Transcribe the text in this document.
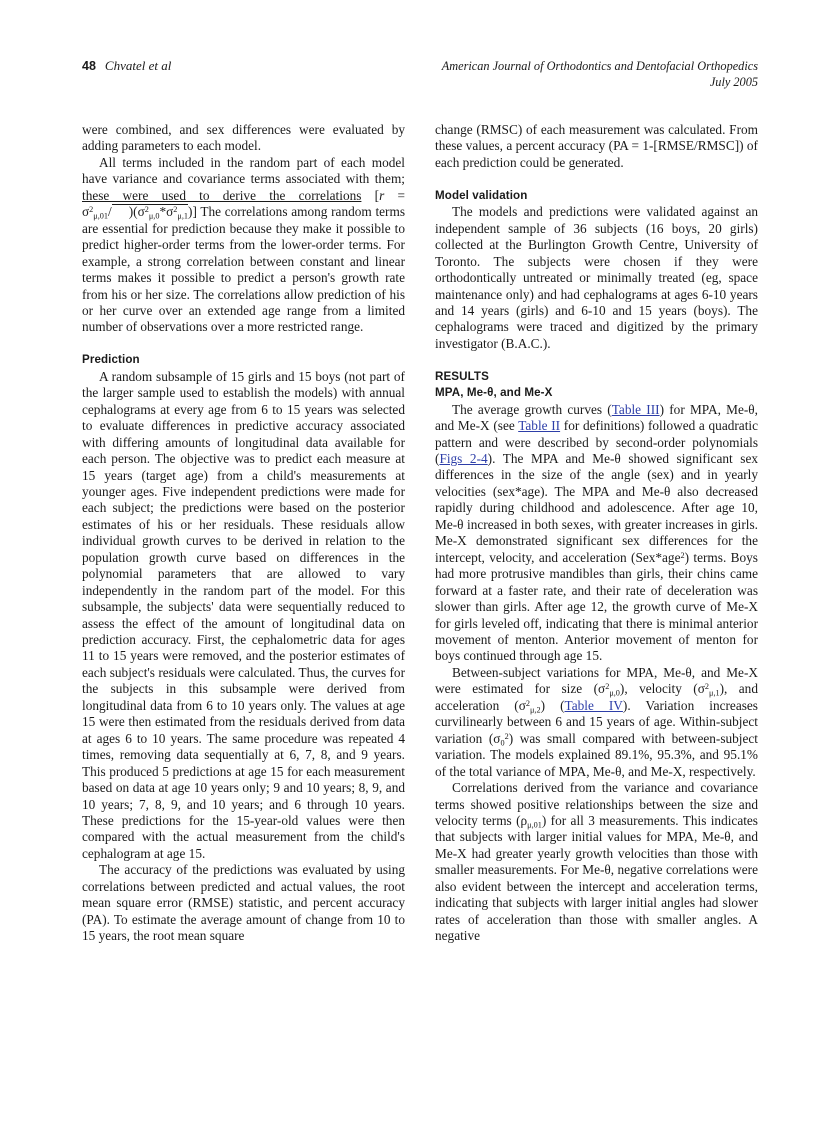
48 Chvatel et al	American Journal of Orthodontics and Dentofacial Orthopedics
July 2005

were combined, and sex differences were evaluated by adding parameters to each model.

All terms included in the random part of each model have variance and covariance terms associated with them; these were used to derive the correlations [$r = \sigma^2_{\mu,01}/$ )$(\sigma^2_{\mu,0}*\sigma^2_{\mu,1})$] The correlations among random terms are essential for prediction because they make it possible to predict higher-order terms from the lower-order terms. For example, a strong correlation between constant and linear terms makes it possible to predict a person's growth rate from his or her size. The correlations allow prediction of his or her curve over an extended age range from a limited number of observations over a more restricted range.

Prediction

A random subsample of 15 girls and 15 boys (not part of the larger sample used to establish the models) with annual cephalograms at every age from 6 to 15 years was selected to evaluate differences in predictive accuracy associated with differing amounts of longitudinal data available for each person. The objective was to predict each measure at 15 years (target age) from a child's measurements at younger ages. Five independent predictions were made for each subject; the predictions were based on the posterior estimates of his or her residuals. These residuals allow individual growth curves to be derived in relation to the population growth curve based on differences in the polynomial parameters that are allowed to vary independently in the random part of the model. For this subsample, the subjects' data were sequentially reduced to assess the effect of the amount of longitudinal data on prediction accuracy. First, the cephalometric data for ages 11 to 15 years were removed, and the posterior estimates of each subject's residuals were calculated. Thus, the curves for the subjects in this subsample were derived from longitudinal data from 6 to 10 years only. The values at age 15 were then estimated from the residuals derived from data at ages 6 to 10 years. The same procedure was repeated 4 times, removing data sequentially at 6, 7, 8, and 9 years. This produced 5 predictions at age 15 for each measurement based on data at age 10 years only; 9 and 10 years; 8, 9, and 10 years; 7, 8, 9, and 10 years; and 6 through 10 years. These predictions for the 15-year-old values were then compared with the actual measurement from the child's cephalogram at age 15.

The accuracy of the predictions was evaluated by using correlations between predicted and actual values, the root mean square error (RMSE) statistic, and percent accuracy (PA). To estimate the average amount of change from 10 to 15 years, the root mean square

change (RMSC) of each measurement was calculated. From these values, a percent accuracy (PA = 1-[RMSE/RMSC]) of each prediction could be generated.

Model validation

The models and predictions were validated against an independent sample of 36 subjects (16 boys, 20 girls) collected at the Burlington Growth Centre, University of Toronto. The subjects were chosen if they were orthodontically untreated or minimally treated (eg, space maintenance only) and had cephalograms at ages 6-10 years and 14 years (girls) and 6-10 and 15 years (boys). The cephalograms were traced and digitized by the primary investigator (B.A.C.).

RESULTS
MPA, Me-θ, and Me-X

The average growth curves (Table III) for MPA, Me-θ, and Me-X (see Table II for definitions) followed a quadratic pattern and were described by second-order polynomials (Figs 2-4). The MPA and Me-θ showed significant sex differences in the size of the angle (sex) and in yearly velocities (sex*age). The MPA and Me-θ also decreased rapidly during childhood and adolescence. After age 10, Me-θ increased in both sexes, with greater increases in girls. Me-X demonstrated significant sex differences for the intercept, velocity, and acceleration (Sex*age$^2$) terms. Boys had more protrusive mandibles than girls, their chins came forward at a faster rate, and their rate of deceleration was slower than girls. After age 12, the growth curve of Me-X for girls leveled off, indicating that there is minimal anterior movement of menton. Anterior movement of menton for boys continued through age 15.

Between-subject variations for MPA, Me-θ, and Me-X were estimated for size $(\sigma^2_{\mu,0})$, velocity $(\sigma^2_{\mu,1})$, and acceleration $(\sigma^2_{\mu,2})$ (Table IV). Variation increases curvilinearly between 6 and 15 years of age. Within-subject variation $(\sigma_0^2)$ was small compared with between-subject variation. The models explained 89.1%, 95.3%, and 95.1% of the total variance of MPA, Me-θ, and Me-X, respectively.

Correlations derived from the variance and covariance terms showed positive relationships between the size and velocity terms $(\rho_{\mu,01})$ for all 3 measurements. This indicates that subjects with larger initial values for MPA, Me-θ, and Me-X had greater yearly growth velocities than those with smaller measurements. For Me-θ, negative correlations were also evident between the intercept and acceleration terms, indicating that subjects with larger initial angles had slower rates of acceleration than those with smaller angles. A negative
